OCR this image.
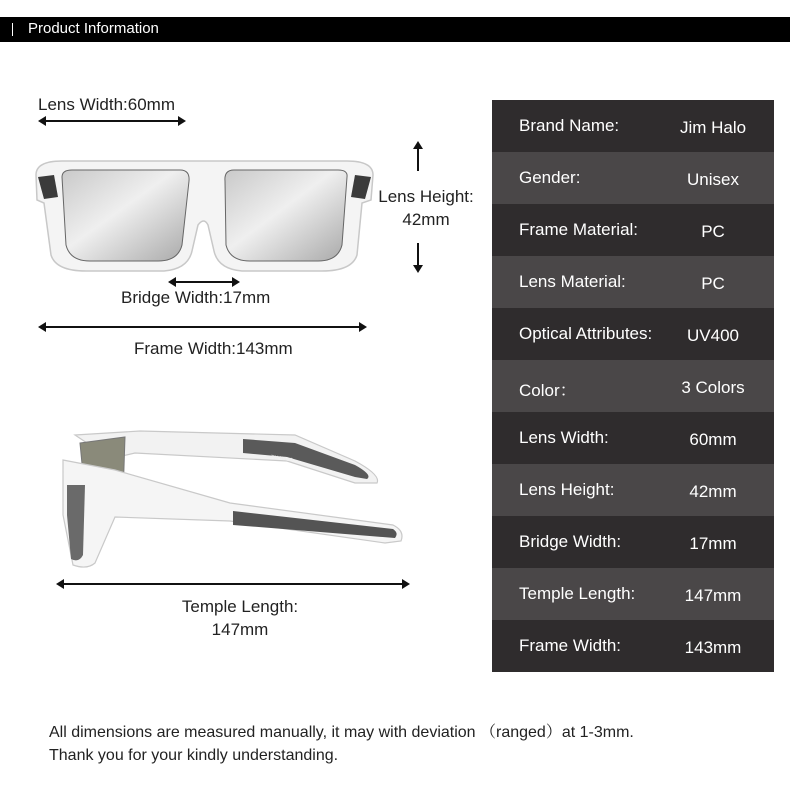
Product Information
Lens Width:60mm
Lens Height:
42mm
Bridge Width:17mm
Frame Width:143mm
JIM HALO
Temple Length:
147mm
Brand Name:	Jim Halo
Gender:	Unisex
Frame Material:	PC
Lens Material:	PC
Optical Attributes:	UV400
Color：	3 Colors
Lens Width:	60mm
Lens Height:	42mm
Bridge Width:	17mm
Temple Length:	147mm
Frame Width:	143mm
All dimensions are measured manually, it may with deviation （ranged）at 1-3mm.
Thank you for your kindly understanding.
